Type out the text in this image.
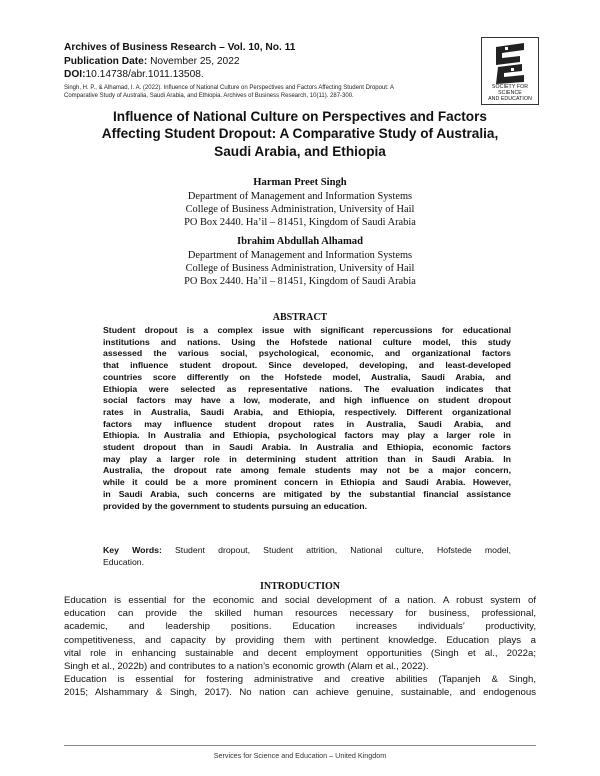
Archives of Business Research – Vol. 10, No. 11
Publication Date: November 25, 2022
DOI:10.14738/abr.1011.13508.
Singh, H. P., & Alhamad, I. A. (2022). Influence of National Culture on Perspectives and Factors Affecting Student Dropout: A
Comparative Study of Australia, Saudi Arabia, and Ethiopia. Archives of Business Research, 10(11). 287-300.
SOCIETY FOR SCIENCE
AND EDUCATION
Influence of National Culture on Perspectives and Factors
Affecting Student Dropout: A Comparative Study of Australia,
Saudi Arabia, and Ethiopia
Harman Preet Singh
Department of Management and Information Systems
College of Business Administration, University of Hail
PO Box 2440. Ha’il – 81451, Kingdom of Saudi Arabia
Ibrahim Abdullah Alhamad
Department of Management and Information Systems
College of Business Administration, University of Hail
PO Box 2440. Ha’il – 81451, Kingdom of Saudi Arabia
ABSTRACT
Student dropout is a complex issue with significant repercussions for educational
institutions and nations. Using the Hofstede national culture model, this study
assessed the various social, psychological, economic, and organizational factors
that influence student dropout. Since developed, developing, and least-developed
countries score differently on the Hofstede model, Australia, Saudi Arabia, and
Ethiopia were selected as representative nations. The evaluation indicates that
social factors may have a low, moderate, and high influence on student dropout
rates in Australia, Saudi Arabia, and Ethiopia, respectively. Different organizational
factors may influence student dropout rates in Australia, Saudi Arabia, and
Ethiopia. In Australia and Ethiopia, psychological factors may play a larger role in
student dropout than in Saudi Arabia. In Australia and Ethiopia, economic factors
may play a larger role in determining student attrition than in Saudi Arabia. In
Australia, the dropout rate among female students may not be a major concern,
while it could be a more prominent concern in Ethiopia and Saudi Arabia. However,
in Saudi Arabia, such concerns are mitigated by the substantial financial assistance
provided by the government to students pursuing an education.
Key Words: Student dropout, Student attrition, National culture, Hofstede model,
Education.
INTRODUCTION
Education is essential for the economic and social development of a nation. A robust system of
education can provide the skilled human resources necessary for business, professional,
academic, and leadership positions. Education increases individuals’ productivity,
competitiveness, and capacity by providing them with pertinent knowledge. Education plays a
vital role in enhancing sustainable and decent employment opportunities (Singh et al., 2022a;
Singh et al., 2022b) and contributes to a nation’s economic growth (Alam et al., 2022).
Education is essential for fostering administrative and creative abilities (Tapanjeh & Singh,
2015; Alshammary & Singh, 2017). No nation can achieve genuine, sustainable, and endogenous
Services for Science and Education – United Kingdom
